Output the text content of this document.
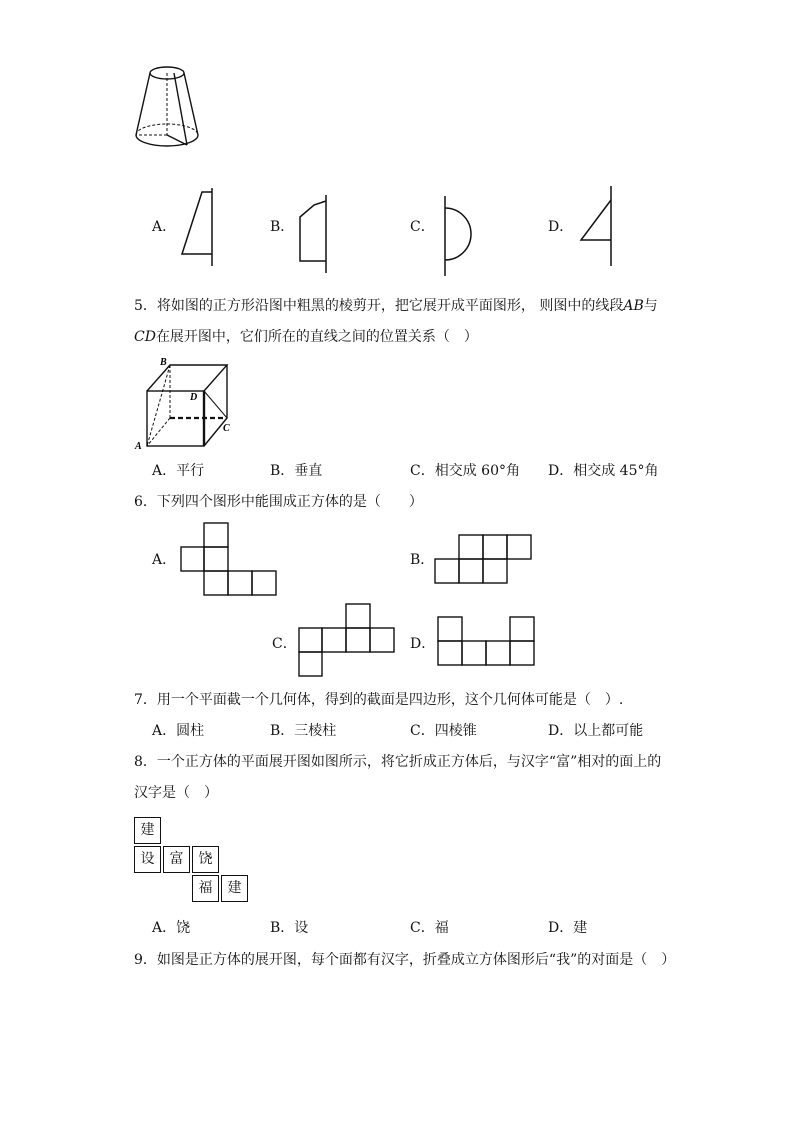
A．	B．	C．	D．
5．将如图的正方形沿图中粗黑的棱剪开，把它展开成平面图形， 则图中的线段AB与
CD在展开图中，它们所在的直线之间的位置关系（　）
B
D
A
C
A．平行	B．垂直	C．相交成 60°角 D．相交成 45°角
6．下列四个图形中能围成正方体的是（　　）
A．	B．
C．	D．
7．用一个平面截一个几何体，得到的截面是四边形，这个几何体可能是（　）.
A．圆柱	B．三棱柱	C．四棱锥	D．以上都可能
8．一个正方体的平面展开图如图所示，将它折成正方体后，与汉字“富”相对的面上的
汉字是（　）
建
设	富	饶
福	建
A．饶	B．设	C．福	D．建
9．如图是正方体的展开图，每个面都有汉字，折叠成立方体图形后“我”的对面是（　）
